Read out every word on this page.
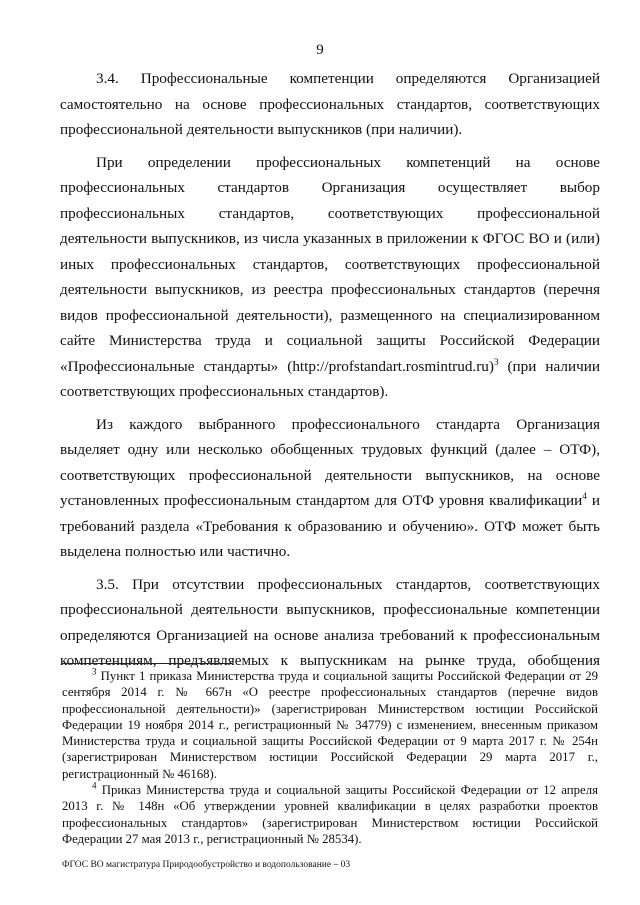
9

3.4. Профессиональные компетенции определяются Организацией самостоятельно на основе профессиональных стандартов, соответствующих профессиональной деятельности выпускников (при наличии).

При определении профессиональных компетенций на основе профессиональных стандартов Организация осуществляет выбор профессиональных стандартов, соответствующих профессиональной деятельности выпускников, из числа указанных в приложении к ФГОС ВО и (или) иных профессиональных стандартов, соответствующих профессиональной деятельности выпускников, из реестра профессиональных стандартов (перечня видов профессиональной деятельности), размещенного на специализированном сайте Министерства труда и социальной защиты Российской Федерации «Профессиональные стандарты» (http://profstandart.rosmintrud.ru)$^3$ (при наличии соответствующих профессиональных стандартов).

Из каждого выбранного профессионального стандарта Организация выделяет одну или несколько обобщенных трудовых функций (далее – ОТФ), соответствующих профессиональной деятельности выпускников, на основе установленных профессиональным стандартом для ОТФ уровня квалификации$^4$ и требований раздела «Требования к образованию и обучению». ОТФ может быть выделена полностью или частично.

3.5. При отсутствии профессиональных стандартов, соответствующих профессиональной деятельности выпускников, профессиональные компетенции определяются Организацией на основе анализа требований к профессиональным компетенциям, предъявляемых к выпускникам на рынке труда, обобщения

$^3$ Пункт 1 приказа Министерства труда и социальной защиты Российской Федерации от 29 сентября 2014 г. № 667н «О реестре профессиональных стандартов (перечне видов профессиональной деятельности)» (зарегистрирован Министерством юстиции Российской Федерации 19 ноября 2014 г., регистрационный № 34779) с изменением, внесенным приказом Министерства труда и социальной защиты Российской Федерации от 9 марта 2017 г. № 254н (зарегистрирован Министерством юстиции Российской Федерации 29 марта 2017 г., регистрационный № 46168).

$^4$ Приказ Министерства труда и социальной защиты Российской Федерации от 12 апреля 2013 г. № 148н «Об утверждении уровней квалификации в целях разработки проектов профессиональных стандартов» (зарегистрирован Министерством юстиции Российской Федерации 27 мая 2013 г., регистрационный № 28534).

ФГОС ВО магистратура Природообустройство и водопользование – 03
